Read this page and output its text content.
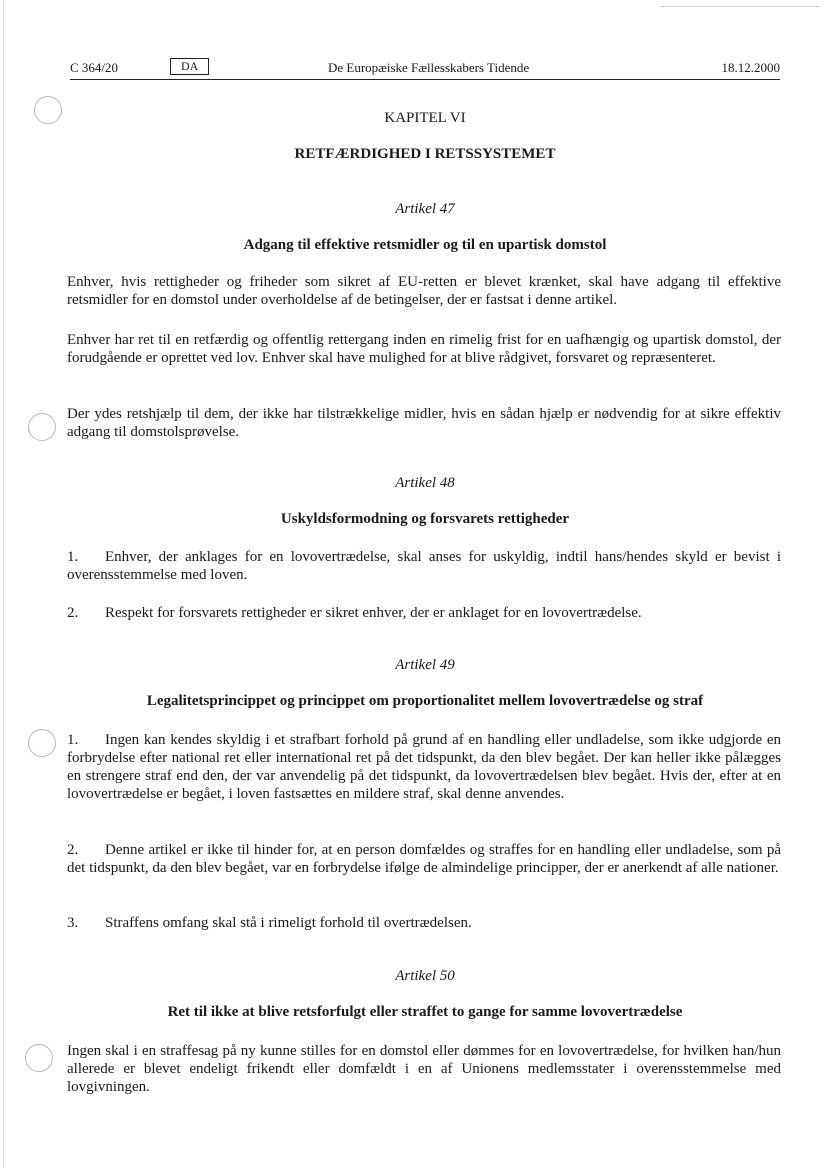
C 364/20	DA	De Europæiske Fællesskabers Tidende	18.12.2000
KAPITEL VI
RETFÆRDIGHED I RETSSYSTEMET
Artikel 47
Adgang til effektive retsmidler og til en upartisk domstol

Enhver, hvis rettigheder og friheder som sikret af EU-retten er blevet krænket, skal have adgang til effektive retsmidler for en domstol under overholdelse af de betingelser, der er fastsat i denne artikel.

Enhver har ret til en retfærdig og offentlig rettergang inden en rimelig frist for en uafhængig og upartisk domstol, der forudgående er oprettet ved lov. Enhver skal have mulighed for at blive rådgivet, forsvaret og repræsenteret.

Der ydes retshjælp til dem, der ikke har tilstrækkelige midler, hvis en sådan hjælp er nødvendig for at sikre effektiv adgang til domstolsprøvelse.

Artikel 48
Uskyldsformodning og forsvarets rettigheder

1. Enhver, der anklages for en lovovertrædelse, skal anses for uskyldig, indtil hans/hendes skyld er bevist i overensstemmelse med loven.

2. Respekt for forsvarets rettigheder er sikret enhver, der er anklaget for en lovovertrædelse.

Artikel 49
Legalitetsprincippet og princippet om proportionalitet mellem lovovertrædelse og straf

1. Ingen kan kendes skyldig i et strafbart forhold på grund af en handling eller undladelse, som ikke udgjorde en forbrydelse efter national ret eller international ret på det tidspunkt, da den blev begået. Der kan heller ikke pålægges en strengere straf end den, der var anvendelig på det tidspunkt, da lovovertrædelsen blev begået. Hvis der, efter at en lovovertrædelse er begået, i loven fastsættes en mildere straf, skal denne anvendes.

2. Denne artikel er ikke til hinder for, at en person domfældes og straffes for en handling eller undladelse, som på det tidspunkt, da den blev begået, var en forbrydelse ifølge de almindelige principper, der er anerkendt af alle nationer.

3. Straffens omfang skal stå i rimeligt forhold til overtrædelsen.

Artikel 50
Ret til ikke at blive retsforfulgt eller straffet to gange for samme lovovertrædelse

Ingen skal i en straffesag på ny kunne stilles for en domstol eller dømmes for en lovovertrædelse, for hvilken han/hun allerede er blevet endeligt frikendt eller domfældt i en af Unionens medlemsstater i overensstemmelse med lovgivningen.
